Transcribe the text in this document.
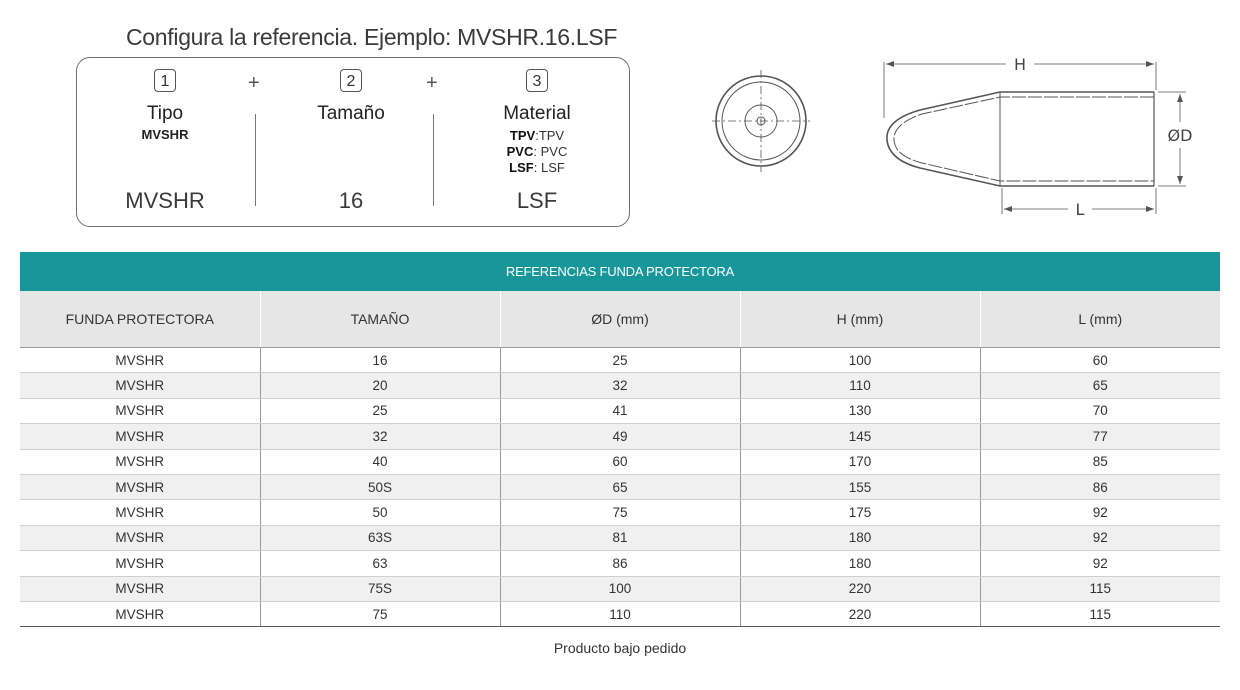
Configura la referencia. Ejemplo: MVSHR.16.LSF
1
Tipo
MVSHR
MVSHR
+	2
Tamaño
16
+	3
Material
TPV:TPV
PVC: PVC
LSF: LSF
LSF
H
ØD
L
REFERENCIAS FUNDA PROTECTORA
FUNDA PROTECTORA	TAMAÑO	ØD (mm)	H (mm)	L (mm)
MVSHR	16	25	100	60
MVSHR	20	32	110	65
MVSHR	25	41	130	70
MVSHR	32	49	145	77
MVSHR	40	60	170	85
MVSHR	50S	65	155	86
MVSHR	50	75	175	92
MVSHR	63S	81	180	92
MVSHR	63	86	180	92
MVSHR	75S	100	220	115
MVSHR	75	110	220	115
Producto bajo pedido
